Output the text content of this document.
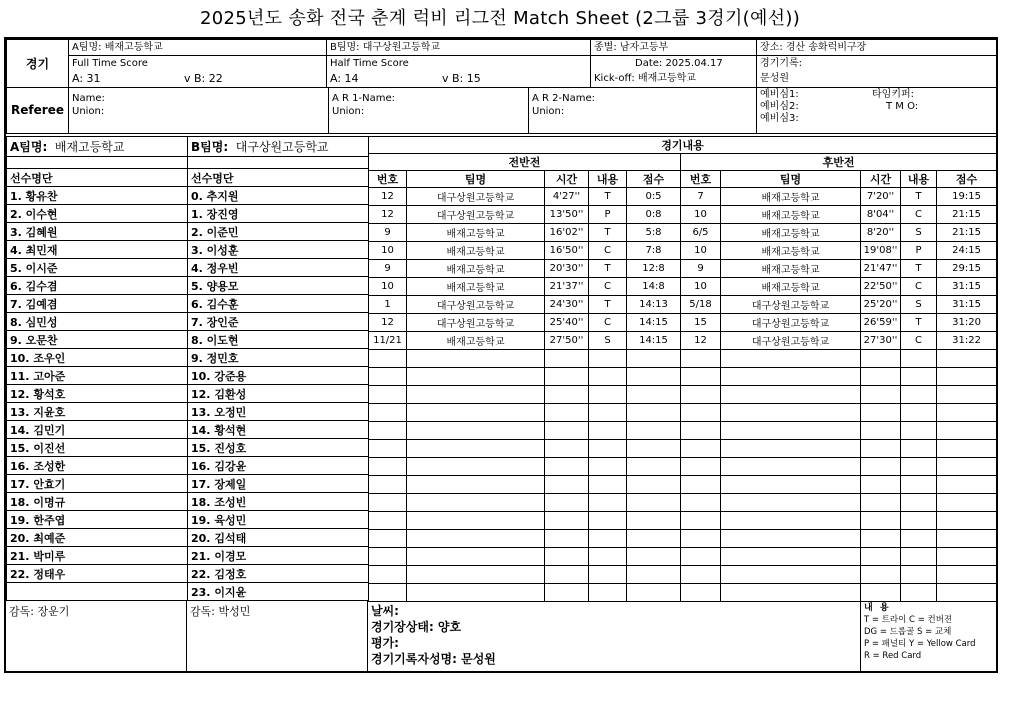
2025년도 송화 전국 춘계 럭비 리그전 Match Sheet (2그룹 3경기(예선))
경기	A팀명: 배재고등학교	B팀명: 대구상원고등학교	종별: 남자고등부	장소: 경산 송화럭비구장
	Full Time Score	Half Time Score	Date: 2025.04.17	경기기록:
	A: 31 v B: 22	A: 14 v B: 15	Kick-off: 배재고등학교	문성원
Referee	
Name:
Union:

A R 1-Name:
Union:

A R 2-Name:
Union:

예비심1:	타임키퍼:
예비심2:	T M O:
예비심3:
A팀명: 배재고등학교	B팀명: 대구상원고등학교

선수명단	선수명단
1. 황유찬	0. 추지원
2. 이수현	1. 장진영
3. 김혜원	2. 이준민
4. 최민재	3. 이성훈
5. 이시준	4. 정우빈
6. 김수겸	5. 양용모
7. 김예겸	6. 김수훈
8. 심민성	7. 장인준
9. 오문찬	8. 이도현
10. 조우인	9. 정민호
11. 고아준	10. 강준용
12. 황석호	12. 김환성
13. 지윤호	13. 오정민
14. 김민기	14. 황석현
15. 이진선	15. 진성호
16. 조성한	16. 김강윤
17. 안효기	17. 장제일
18. 이명규	18. 조성빈
19. 한주엽	19. 육성민
20. 최예준	20. 김석태
21. 박미루	21. 이경모
22. 정태우	22. 김정호
	23. 이지윤
경기내용									
전반전					후반전				
번호	팀명	시간	내용	점수	번호	팀명	시간	내용	점수
12	대구상원고등학교	4'27''	T	0:5	7	배재고등학교	7'20''	T	19:15
12	대구상원고등학교	13'50''	P	0:8	10	배재고등학교	8'04''	C	21:15
9	배재고등학교	16'02''	T	5:8	6/5	배재고등학교	8'20''	S	21:15
10	배재고등학교	16'50''	C	7:8	10	배재고등학교	19'08''	P	24:15
9	배재고등학교	20'30''	T	12:8	9	배재고등학교	21'47''	T	29:15
10	배재고등학교	21'37''	C	14:8	10	배재고등학교	22'50''	C	31:15
1	대구상원고등학교	24'30''	T	14:13	5/18	대구상원고등학교	25'20''	S	31:15
12	대구상원고등학교	25'40''	C	14:15	15	대구상원고등학교	26'59''	T	31:20
11/21	배재고등학교	27'50''	S	14:15	12	대구상원고등학교	27'30''	C	31:22

감독: 장운기	감독: 박성민	날씨:
경기장상태: 양호
평가:
경기기록자성명: 문성원
내 용
T = 트라이 C = 컨버젼
DG = 드롭골 S = 교체
P = 패널티 Y = Yellow Card
R = Red Card
